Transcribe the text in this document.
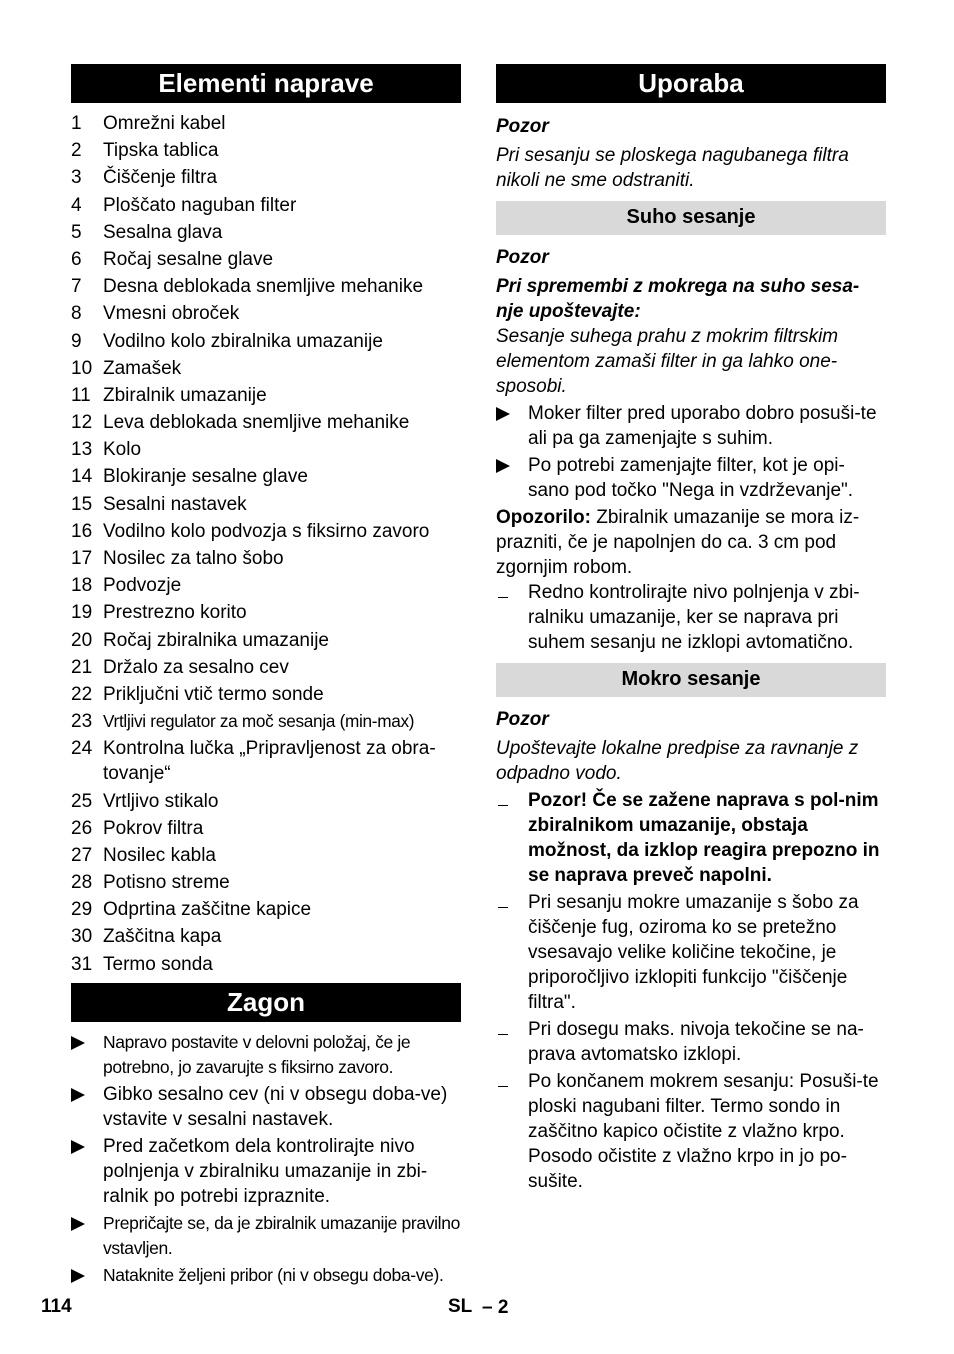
Elementi naprave
1	Omrežni kabel
2	Tipska tablica
3	Čiščenje filtra
4	Ploščato naguban filter
5	Sesalna glava
6	Ročaj sesalne glave
7	Desna deblokada snemljive mehanike
8	Vmesni obroček
9	Vodilno kolo zbiralnika umazanije
10 Zamašek
11 Zbiralnik umazanije
12 Leva deblokada snemljive mehanike
13 Kolo
14 Blokiranje sesalne glave
15 Sesalni nastavek
16 Vodilno kolo podvozja s fiksirno zavoro
17 Nosilec za talno šobo
18 Podvozje
19 Prestrezno korito
20 Ročaj zbiralnika umazanije
21 Držalo za sesalno cev
22 Priključni vtič termo sonde
23 Vrtljivi regulator za moč sesanja (min-max)
24 Kontrolna lučka „Pripravljenost za obra-tovanje“
25 Vrtljivo stikalo
26 Pokrov filtra
27 Nosilec kabla
28 Potisno streme
29 Odprtina zaščitne kapice
30 Zaščitna kapa
31 Termo sonda
Zagon
Napravo postavite v delovni položaj, če je potrebno, jo zavarujte s fiksirno zavoro.
Gibko sesalno cev (ni v obsegu doba-ve) vstavite v sesalni nastavek.
Pred začetkom dela kontrolirajte nivo polnjenja v zbiralniku umazanije in zbi-ralnik po potrebi izpraznite.
Prepričajte se, da je zbiralnik umazanije pravilno vstavljen.
Nataknite željeni pribor (ni v obsegu doba-ve).
Uporaba

Pozor

Pri sesanju se ploskega nagubanega filtra nikoli ne sme odstraniti.

Suho sesanje

Pozor

Pri spremembi z mokrega na suho sesa-nje upoštevajte:

Sesanje suhega prahu z mokrim filtrskim elementom zamaši filter in ga lahko one-sposobi.

Moker filter pred uporabo dobro posuši-te ali pa ga zamenjajte s suhim.
Po potrebi zamenjajte filter, kot je opi-sano pod točko "Nega in vzdrževanje".

Opozorilo: Zbiralnik umazanije se mora iz-prazniti, če je napolnjen do ca. 3 cm pod zgornjim robom.

Redno kontrolirajte nivo polnjenja v zbi-ralniku umazanije, ker se naprava pri suhem sesanju ne izklopi avtomatično.
Mokro sesanje

Pozor

Upoštevajte lokalne predpise za ravnanje z odpadno vodo.

Pozor! Če se zažene naprava s pol-nim zbiralnikom umazanije, obstaja možnost, da izklop reagira prepozno in se naprava preveč napolni.
Pri sesanju mokre umazanije s šobo za čiščenje fug, oziroma ko se pretežno vsesavajo velike količine tekočine, je priporočljivo izklopiti funkcijo "čiščenje filtra".
Pri dosegu maks. nivoja tekočine se na-prava avtomatsko izklopi.
Po končanem mokrem sesanju: Posuši-te ploski nagubani filter. Termo sondo in zaščitno kapico očistite z vlažno krpo. Posodo očistite z vlažno krpo in jo po-sušite.
114	SL – 2
